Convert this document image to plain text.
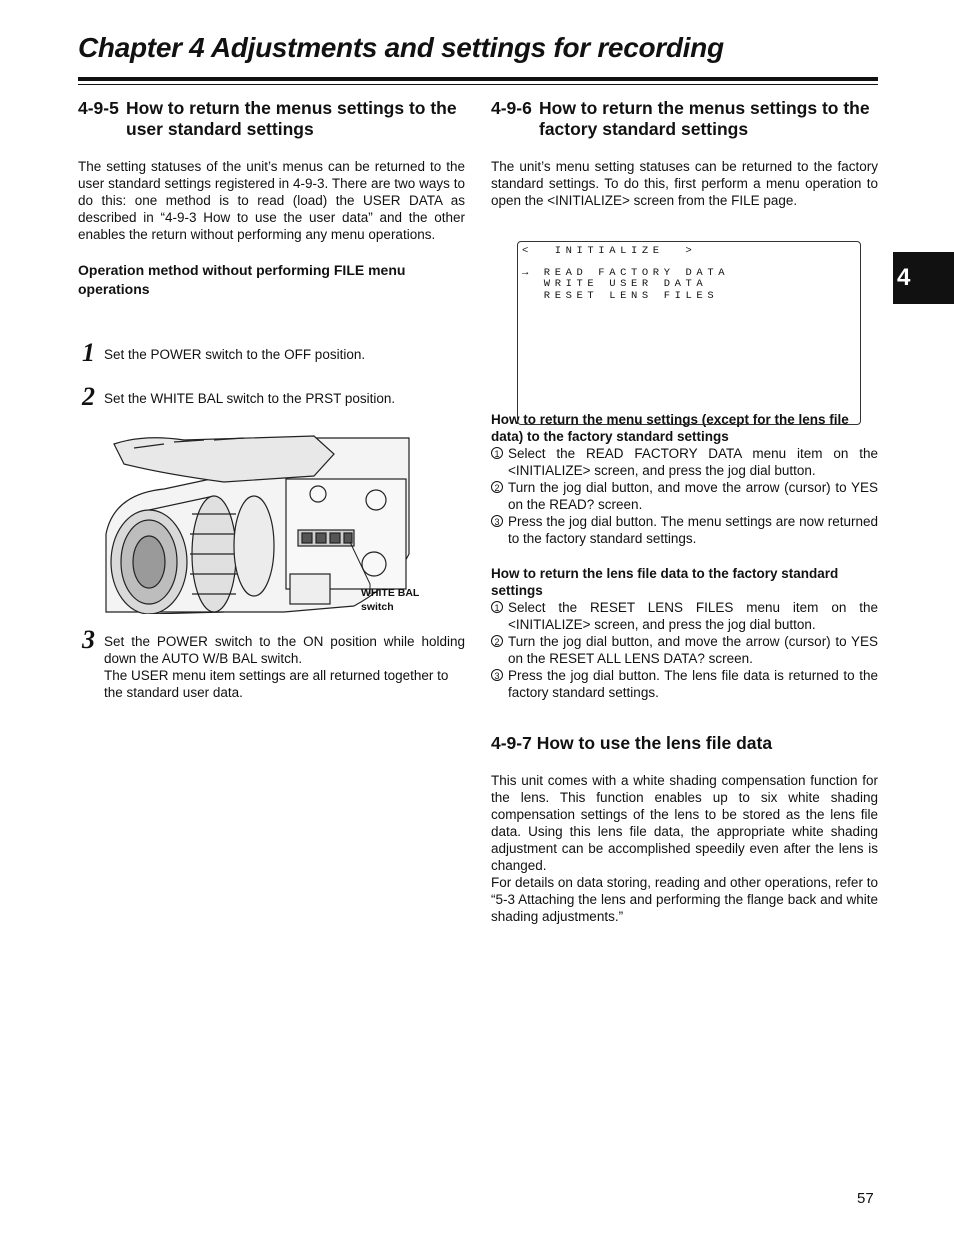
Chapter 4 Adjustments and settings for recording
4
4-9-5 How to return the menus settings to the user standard settings

The setting statuses of the unit’s menus can be returned to the user standard settings registered in 4-9-3. There are two ways to do this: one method is to read (load) the USER DATA as described in “4-9-3 How to use the user data” and the other enables the return without performing any menu operations.

Operation method without performing FILE menu operations
1 Set the POWER switch to the OFF position.

2 Set the WHITE BAL switch to the PRST position.

3 Set the POWER switch to the ON position while holding down the AUTO W/B BAL switch.

The USER menu item settings are all returned together to the standard user data.

WHITE BAL
switch
4-9-6 How to return the menus settings to the factory standard settings

The unit’s menu setting statuses can be returned to the factory standard settings. To do this, first perform a menu operation to open the <INITIALIZE> screen from the FILE page.

How to return the menu settings (except for the lens file data) to the factory standard settings
1 Select the READ FACTORY DATA menu item on the <INITIALIZE> screen, and press the jog dial button.
2 Turn the jog dial button, and move the arrow (cursor) to YES on the READ? screen.
3 Press the jog dial button. The menu settings are now returned to the factory standard settings.
How to return the lens file data to the factory standard settings
1 Select the RESET LENS FILES menu item on the <INITIALIZE> screen, and press the jog dial button.
2 Turn the jog dial button, and move the arrow (cursor) to YES on the RESET ALL LENS DATA? screen.
3 Press the jog dial button. The lens file data is returned to the factory standard settings.
4-9-7 How to use the lens file data

This unit comes with a white shading compensation function for the lens. This function enables up to six white shading compensation settings of the lens to be stored as the lens file data. Using this lens file data, the appropriate white shading adjustment can be accomplished speedily even after the lens is changed.

For details on data storing, reading and other operations, refer to “5-3 Attaching the lens and performing the flange back and white shading adjustments.”

<  INITIALIZE  >
→ READ FACTORY DATA
WRITE USER DATA
RESET LENS FILES
57
